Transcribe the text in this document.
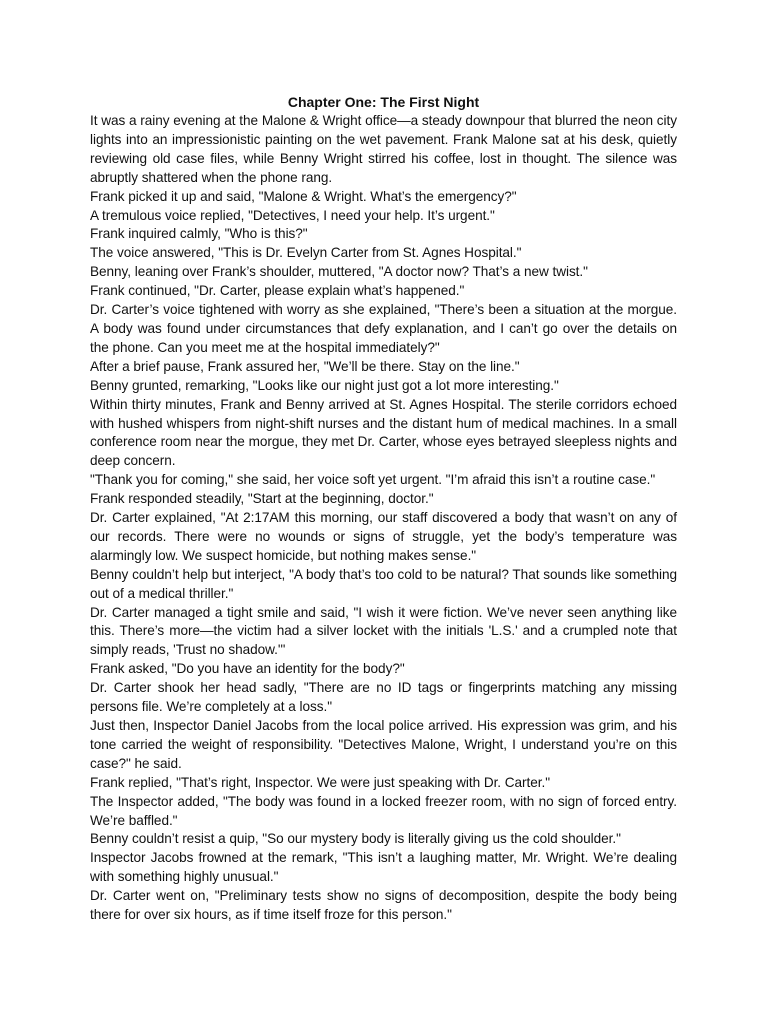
Chapter One: The First Night

It was a rainy evening at the Malone & Wright office—a steady downpour that blurred the neon city lights into an impressionistic painting on the wet pavement. Frank Malone sat at his desk, quietly reviewing old case files, while Benny Wright stirred his coffee, lost in thought. The silence was abruptly shattered when the phone rang.

Frank picked it up and said, "Malone & Wright. What’s the emergency?"

A tremulous voice replied, "Detectives, I need your help. It’s urgent."

Frank inquired calmly, "Who is this?"

The voice answered, "This is Dr. Evelyn Carter from St. Agnes Hospital."

Benny, leaning over Frank’s shoulder, muttered, "A doctor now? That’s a new twist."

Frank continued, "Dr. Carter, please explain what’s happened."

Dr. Carter’s voice tightened with worry as she explained, "There’s been a situation at the morgue. A body was found under circumstances that defy explanation, and I can’t go over the details on the phone. Can you meet me at the hospital immediately?"

After a brief pause, Frank assured her, "We’ll be there. Stay on the line."

Benny grunted, remarking, "Looks like our night just got a lot more interesting."

Within thirty minutes, Frank and Benny arrived at St. Agnes Hospital. The sterile corridors echoed with hushed whispers from night-shift nurses and the distant hum of medical machines. In a small conference room near the morgue, they met Dr. Carter, whose eyes betrayed sleepless nights and deep concern.

"Thank you for coming," she said, her voice soft yet urgent. "I’m afraid this isn’t a routine case."

Frank responded steadily, "Start at the beginning, doctor."

Dr. Carter explained, "At 2:17AM this morning, our staff discovered a body that wasn’t on any of our records. There were no wounds or signs of struggle, yet the body’s temperature was alarmingly low. We suspect homicide, but nothing makes sense."

Benny couldn’t help but interject, "A body that’s too cold to be natural? That sounds like something out of a medical thriller."

Dr. Carter managed a tight smile and said, "I wish it were fiction. We’ve never seen anything like this. There’s more—the victim had a silver locket with the initials 'L.S.' and a crumpled note that simply reads, 'Trust no shadow.'"

Frank asked, "Do you have an identity for the body?"

Dr. Carter shook her head sadly, "There are no ID tags or fingerprints matching any missing persons file. We’re completely at a loss."

Just then, Inspector Daniel Jacobs from the local police arrived. His expression was grim, and his tone carried the weight of responsibility. "Detectives Malone, Wright, I understand you’re on this case?" he said.

Frank replied, "That’s right, Inspector. We were just speaking with Dr. Carter."

The Inspector added, "The body was found in a locked freezer room, with no sign of forced entry. We’re baffled."

Benny couldn’t resist a quip, "So our mystery body is literally giving us the cold shoulder."

Inspector Jacobs frowned at the remark, "This isn’t a laughing matter, Mr. Wright. We’re dealing with something highly unusual."

Dr. Carter went on, "Preliminary tests show no signs of decomposition, despite the body being there for over six hours, as if time itself froze for this person."
